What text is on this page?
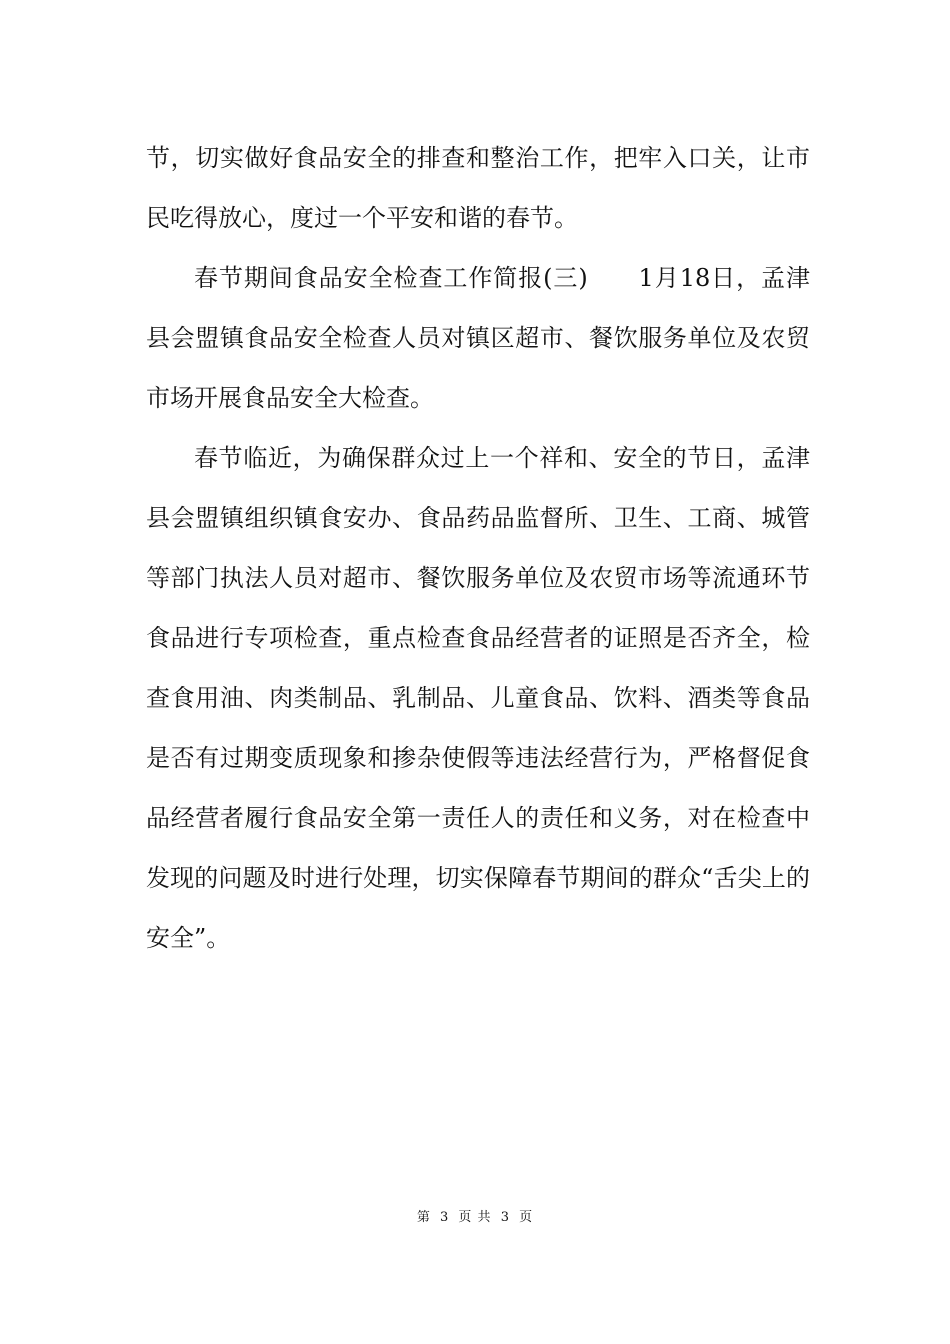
节，切实做好食品安全的排查和整治工作，把牢入口关，让市民吃得放心，度过一个平安和谐的春节。

春节期间食品安全检查工作简报(三)　　1月18日，孟津县会盟镇食品安全检查人员对镇区超市、餐饮服务单位及农贸市场开展食品安全大检查。

春节临近，为确保群众过上一个祥和、安全的节日，孟津县会盟镇组织镇食安办、食品药品监督所、卫生、工商、城管等部门执法人员对超市、餐饮服务单位及农贸市场等流通环节食品进行专项检查，重点检查食品经营者的证照是否齐全，检查食用油、肉类制品、乳制品、儿童食品、饮料、酒类等食品是否有过期变质现象和掺杂使假等违法经营行为，严格督促食品经营者履行食品安全第一责任人的责任和义务，对在检查中发现的问题及时进行处理，切实保障春节期间的群众“舌尖上的安全”。

第 3 页 共 3 页
